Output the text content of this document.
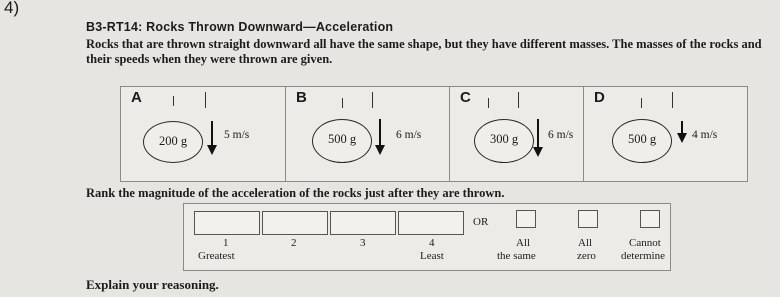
4)
B3-RT14: Rocks Thrown Downward—Acceleration
Rocks that are thrown straight downward all have the same shape, but they have different masses. The masses of the rocks and their speeds when they were thrown are given.
A
200 g	5 m/s
B
500 g	6 m/s
C
300 g	6 m/s
D
500 g	4 m/s
Rank the magnitude of the acceleration of the rocks just after they are thrown.
OR
1	2	3	4
Greatest	Least
All
the same
All
zero
Cannot
determine
Explain your reasoning.
